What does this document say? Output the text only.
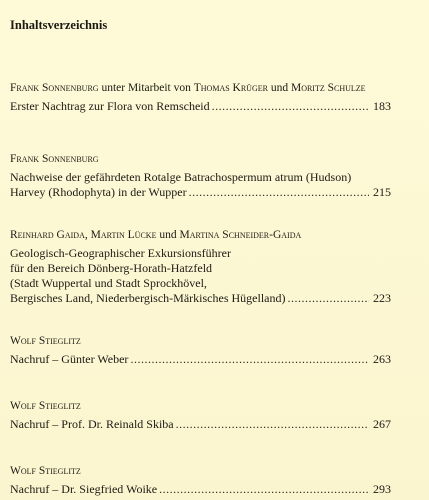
Inhaltsverzeichnis
Frank Sonnenburg unter Mitarbeit von Thomas Krüger und Moritz Schulze
Erster Nachtrag zur Flora von Remscheid .....	183
Frank Sonnenburg
Nachweise der gefährdeten Rotalge Batrachospermum atrum (Hudson)
Harvey (Rhodophyta) in der Wupper .....	215
Reinhard Gaida, Martin Lücke und Martina Schneider-Gaida
Geologisch-Geographischer Exkursionsführer
für den Bereich Dönberg-Horath-Hatzfeld
(Stadt Wuppertal und Stadt Sprockhövel,
Bergisches Land, Niederbergisch-Märkisches Hügelland) .....	223
Wolf Stieglitz
Nachruf – Günter Weber .....	263
Wolf Stieglitz
Nachruf – Prof. Dr. Reinald Skiba .....	267
Wolf Stieglitz
Nachruf – Dr. Siegfried Woike .....	293
